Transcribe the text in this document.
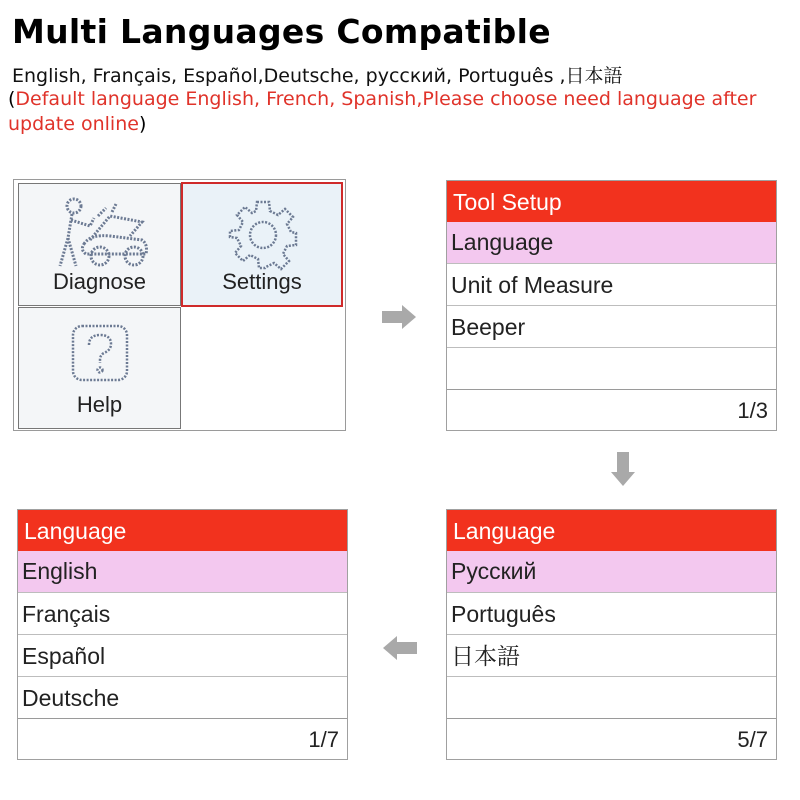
Multi Languages Compatible
English, Français, Español,Deutsche, русский, Português ,日本語
(Default language English, French, Spanish,Please choose need language after update online)
Diagnose	Settings
Help
Tool Setup
Language
Unit of Measure
Beeper
1/3
Language
Русский
Português
日本語
5/7
Language
English
Français
Español
Deutsche
1/7
